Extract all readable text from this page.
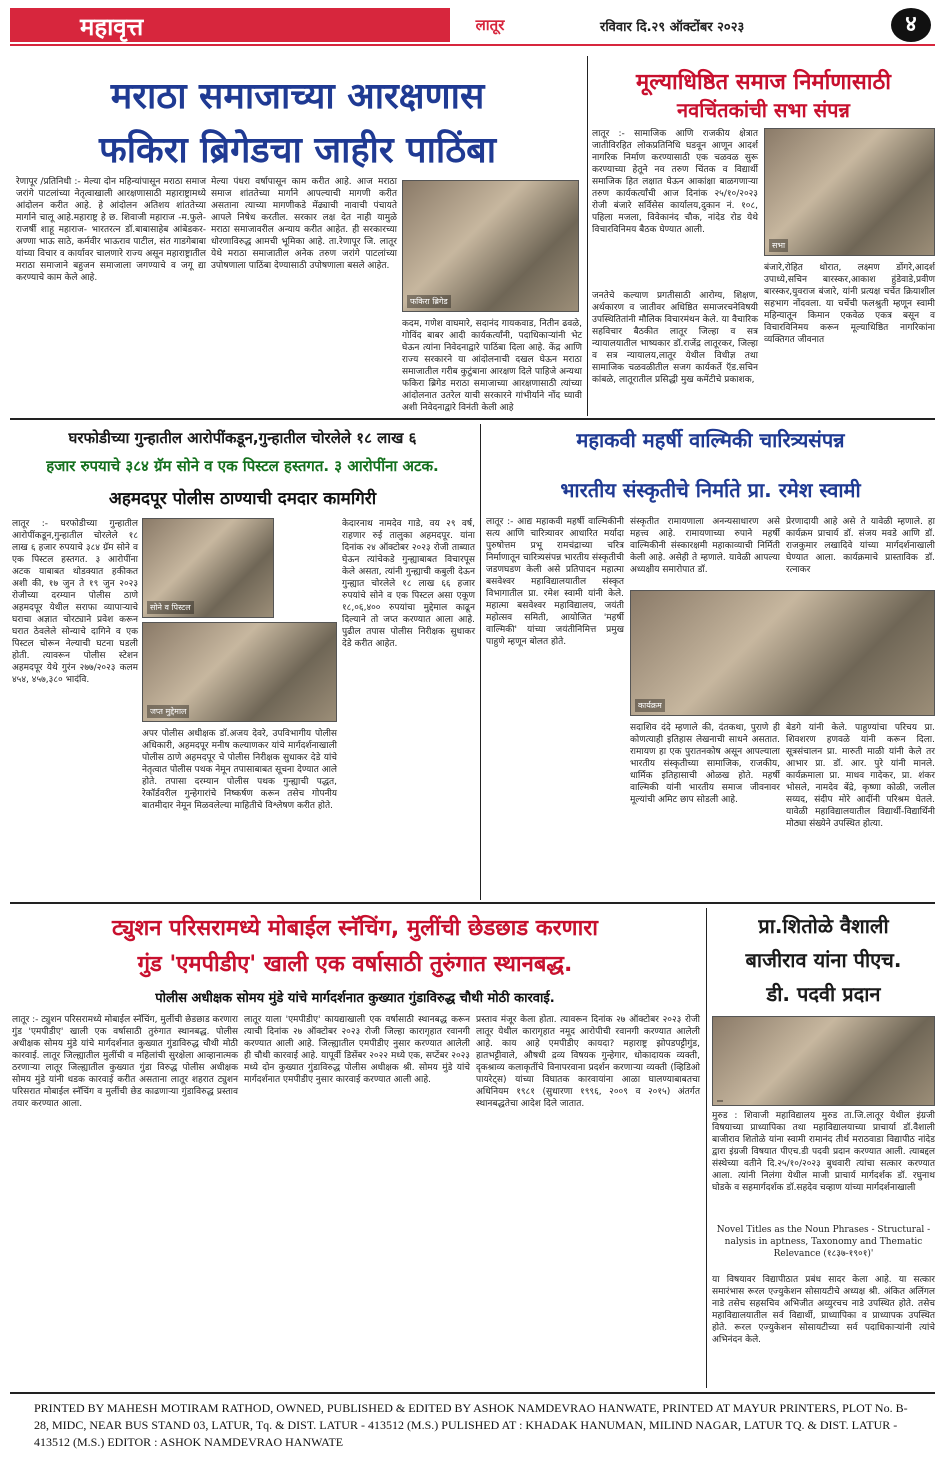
महावृत्त	लातूर	रविवार दि.२९ ऑक्टोंबर २०२३	४
मराठा समाजाच्या आरक्षणास
फकिरा ब्रिगेडचा जाहीर पाठिंबा
रेणापूर /प्रतिनिधी :- मेल्या दोन महिन्यांपासून मराठा समाज जरांगे पाटलांच्या नेतृत्वाखाली आरक्षणासाठी महाराष्ट्रामध्ये आंदोलन करीत आहे. हे आंदोलन अतिशय शांततेच्या मार्गाने चालू आहे.महाराष्ट्र हे छ. शिवाजी महाराज -म.फुले- राजर्षी शाहू महाराज- भारतरत्न डॉ.बाबासाहेब आंबेडकर- अण्णा भाऊ साठे, कर्मवीर भाऊराव पाटील, संत गाडगेबाबा यांच्या विचार व कार्यावर चालणारे राज्य असून महाराष्ट्रातील मराठा समाजाने बहुजन समाजाला जगण्याचे व जगू द्या करण्याचे काम केले आहे.
मेल्या पंधरा वर्षापासून काम करीत आहे. आज मराठा समाज शांततेच्या मार्गाने आपल्याची मागणी करीत असताना त्याच्या मागणीकडे मेंढ्याची नावाची पंचायते आपले निषेध करतील. सरकार लक्ष देत नाही यामुळे मराठा समाजावरील अन्याय करीत आहेत. ही सरकारच्या धोरणाविरुद्ध आमची भूमिका आहे. ता.रेणापूर जि. लातूर येथे मराठा समाजातील अनेक तरुण जरांगे पाटलांच्या उपोषणाला पाठिंबा देण्यासाठी उपोषणाला बसले आहेत.
फकिरा ब्रिगेड
कदम, गणेश वाघमारे, सदानंद गायकवाड, नितीन ढवळे, गोविंद बाबर आदी कार्यकर्त्यांनी, पदाधिकाऱ्यांनी भेट घेऊन त्यांना निवेदनाद्वारे पाठिंबा दिला आहे. केंद्र आणि राज्य सरकारने या आंदोलनाची दखल घेऊन मराठा समाजातील गरीब कुटुंबाना आरक्षण दिले पाहिजे अन्यथा फकिरा ब्रिगेड मराठा समाजाच्या आरक्षणासाठी त्यांच्या आंदोलनात उतरेल याची सरकारने गांभीर्याने नोंद घ्यावी अशी निवेदनाद्वारे विनंती केली आहे
मूल्याधिष्ठित समाज निर्माणासाठी
नवचिंतकांची सभा संपन्न
लातूर :- सामाजिक आणि राजकीय क्षेत्रात जातीविरहित लोकप्रतिनिधि घडवून आणून आदर्श नागरिक निर्माण करण्यासाठी एक चळवळ सुरू करण्याच्या हेतूने नव तरुण चिंतक व विद्यार्थी समाजिक हित लक्षात घेऊन आकांक्षा बाळगणाऱ्या तरुण कार्यकर्त्यांची आज दिनांक २५/१०/२०२३ रोजी बंजारे सर्विसेस कार्यालय,दुकान नं. १०८, पहिला मजला, विवेकानंद चौक, नांदेड रोड येथे विचारविनिमय बैठक घेण्यात आली.
जनतेचे कल्याण प्रगतीसाठी आरोग्य, शिक्षण, अर्थकारण व जातीवर अधिष्ठित समाजरचनेविषयी उपस्थितितांनी मौलिक विचारमंथन केले. या वैचारिक सहविचार बैठकीत लातूर जिल्हा व सत्र न्यायालयातील भाष्यकार डॉ.राजेंद्र लातूरकर, जिल्हा व सत्र न्यायालय,लातूर येथील विधीज्ञ तथा सामाजिक चळवळीतील सजग कार्यकर्ते ऍड.सचिन कांबळे, लातूरातील प्रसिद्धी मुख कमेंटीचे प्रकाशक,
सभा
बंजारे,रोहित थोरात, लक्ष्मण डोंगरे,आदर्श उपाध्ये,सचिन बारस्कर,आकाश हुंडेवाडे,प्रवीण बारस्कर,युवराज बंजारे, यांनी प्रत्यक्ष चर्चेत क्रियाशील सहभाग नोंदवला. या चर्चेची फलश्रुती म्हणून स्वामी महिन्यातून किमान एकवेळ एकत्र बसून व विचारविनिमय करून मूल्याधिष्ठित नागरिकांना व्यक्तिगत जीवनात
घरफोडीच्या गुन्हातील आरोपींकडून,गुन्हातील चोरलेले १८ लाख ६
हजार रुपयाचे ३८४ ग्रॅम सोने व एक पिस्टल हस्तगत. ३ आरोपींना अटक.
अहमदपूर पोलीस ठाण्याची दमदार कामगिरी
लातूर :- घरफोडीच्या गुन्हातील आरोपींकडून,गुन्हातील चोरलेले १८ लाख ६ हजार रुपयाचे ३८४ ग्रॅम सोने व एक पिस्टल हस्तगत. ३ आरोपींना अटक याबाबत थोडक्यात हकीकत अशी की, १७ जुन ते १९ जुन २०२३ रोजीच्या दरम्यान पोलीस ठाणे अहमदपूर येथील सराफा व्यापाऱ्याचे घराचा अज्ञात चोरट्याने प्रवेश करून घरात ठेवलेले सोन्याचे दागिने व एक पिस्टल चोरून नेल्याची घटना घडली होती. त्यावरून पोलीस स्टेशन अहमदपूर येथे गुरंन २७७/२०२३ कलम ४५४, ४५७,३८० भादंवि.
सोने व पिस्टल
जप्त मुद्देमाल
अपर पोलीस अधीक्षक डॉ.अजय देवरे, उपविभागीय पोलीस अधिकारी, अहमदपूर मनीष कल्याणकर यांचे मार्गदर्शनाखाली पोलीस ठाणे अहमदपूर चे पोलीस निरीक्षक सुधाकर देडे यांचे नेतृत्वात पोलीस पथक नेमून तपासाबाबत सूचना देण्यात आले होते. तपासा दरम्यान पोलीस पथक गुन्ह्याची पद्धत, रेकॉर्डवरील गुन्हेगारांचे निष्कर्षण करून तसेच गोपनीय बातमीदार नेमून मिळवलेल्या माहितीचे विश्लेषण करीत होते.
केदारनाथ नामदेव गाडे, वय २९ वर्ष, राहणार रुई तालुका अहमदपूर. यांना दिनांक २४ ऑक्टोबर २०२३ रोजी ताब्यात घेऊन त्यांचेकडे गुन्ह्याबाबत विचारपूस केले असता, त्यांनी गुन्ह्याची कबुली देऊन गुन्ह्यात चोरलेले १८ लाख ६६ हजार रुपयांचे सोने व एक पिस्टल असा एकूण १८,०६,४०० रुपयांचा मुद्देमाल काढून दिल्याने तो जप्त करण्यात आला आहे. पुढील तपास पोलीस निरीक्षक सुधाकर देडे करीत आहेत.
महाकवी महर्षी वाल्मिकी चारित्र्यसंपन्न
भारतीय संस्कृतीचे निर्माते प्रा. रमेश स्वामी
लातूर :- आद्य महाकवी महर्षी वाल्मिकीनी सत्य आणि चारित्र्यावर आधारित मर्यादा पुरुषोत्तम प्रभू रामचंद्राच्या चरित्र निर्माणातून चारित्र्यसंपन्न भारतीय संस्कृतीची जडणघडण केली असे प्रतिपादन महात्मा बसवेश्वर महाविद्यालयातील संस्कृत विभागातील प्रा. रमेश स्वामी यांनी केले. महात्मा बसवेश्वर महाविद्यालय, जयंती महोत्सव समिती, आयोजित 'महर्षी वाल्मिकी' यांच्या जयंतीनिमित्त प्रमुख पाहुणे म्हणून बोलत होते.
संस्कृतीत रामायणाला अनन्यसाधारण असे महत्त्व आहे. रामायणाच्या रुपाने महर्षी वाल्मिकीनी संस्कारक्षमी महाकाव्याची निर्मिती केली आहे. असेही ते म्हणाले. यावेळी आपल्या अध्यक्षीय समारोपात डॉ.
प्रेरणादायी आहे असे ते यावेळी म्हणाले. हा कार्यक्रम प्राचार्य डॉ. संजय मवडे आणि डॉ. राजकुमार लखादिवे यांच्या मार्गदर्शनाखाली घेण्यात आला. कार्यक्रमाचे प्रास्ताविक डॉ. रत्नाकर
कार्यक्रम
सदाशिव दंदे म्हणाले की, दंतकथा, पुराणे ही कोणत्याही इतिहास लेखनाची साधने असतात. रामायण हा एक पुरातनकोष असून आपल्याला भारतीय संस्कृतीच्या सामाजिक, राजकीय, धार्मिक इतिहासाची ओळख होते. महर्षी वाल्मिकी यांनी भारतीय समाज जीवनावर मूल्यांची अमिट छाप सोडली आहे.
बेडगे यांनी केले. पाहुण्यांचा परिचय प्रा. शिवशरण हणवळे यांनी करून दिला. सूत्रसंचालन प्रा. मारुती माळी यांनी केले तर आभार प्रा. डॉ. आर. पुरे यांनी मानले. कार्यक्रमाला प्रा. माधव गादेकर, प्रा. शंकर भोसले, नामदेव बेंद्रे, कृष्णा कोळी, जलील सय्यद, संदीप मोरे आदींनी परिश्रम घेतले. यावेळी महाविद्यालयातील विद्यार्थी-विद्यार्थिनी मोठ्या संख्येने उपस्थित होत्या.
ट्युशन परिसरामध्ये मोबाईल स्नॅचिंग, मुलींची छेडछाड करणारा
गुंड 'एमपीडीए' खाली एक वर्षासाठी तुरुंगात स्थानबद्ध.
पोलीस अधीक्षक सोमय मुंडे यांचे मार्गदर्शनात कुख्यात गुंडाविरुद्ध चौथी मोठी कारवाई.
लातूर :- ट्युशन परिसरामध्ये मोबाईल स्नॅचिंग, मुलींची छेडछाड करणारा गुंड 'एमपीडीए' खाली एक वर्षासाठी तुरुंगात स्थानबद्ध. पोलीस अधीक्षक सोमय मुंडे यांचे मार्गदर्शनात कुख्यात गुंडाविरुद्ध चौथी मोठी कारवाई. लातूर जिल्ह्यातील मुलींची व महिलांची सुरक्षेला आव्हानात्मक ठरणाऱ्या लातूर जिल्ह्यातील कुख्यात गुंडा विरुद्ध पोलीस अधीक्षक सोमय मुंडे यांनी धडक कारवाई करीत असताना लातूर शहरात ट्युशन परिसरात मोबाईल स्नॅचिंग व मुलींची छेड काढणाऱ्या गुंडाविरुद्ध प्रस्ताव तयार करण्यात आला.
लातूर याला 'एमपीडीए' कायद्याखाली एक वर्षासाठी स्थानबद्ध करून त्याची दिनांक २७ ऑक्टोबर २०२३ रोजी जिल्हा कारागृहात रवानगी करण्यात आली आहे. जिल्ह्यातील एमपीडीए नुसार करण्यात आलेली ही चौथी कारवाई आहे. यापूर्वी डिसेंबर २०२२ मध्ये एक, सप्टेंबर २०२३ मध्ये दोन कुख्यात गुंडाविरुद्ध पोलीस अधीक्षक श्री. सोमय मुंडे यांचे मार्गदर्शनात एमपीडीए नुसार कारवाई करण्यात आली आहे.
प्रस्ताव मंजूर केला होता. त्यावरून दिनांक २७ ऑक्टोबर २०२३ रोजी लातूर येथील कारागृहात नमूद आरोपीची रवानगी करण्यात आलेली आहे. काय आहे एमपीडीए कायदा? महाराष्ट्र झोपडपट्टीगुंड, हातभट्टीवाले, औषधी द्रव्य विषयक गुन्हेगार, धोकादायक व्यक्ती, दृकश्राव्य कलाकृतींचे विनापरवाना प्रदर्शन करणाऱ्या व्यक्ती (व्हिडिओ पायरेट्स) यांच्या विघातक कारवायांना आळा घालण्याबाबतचा अधिनियम १९८१ (सुधारणा १९९६, २००९ व २०१५) अंतर्गत स्थानबद्धतेचा आदेश दिले जातात.
प्रा.शितोळे वैशाली
बाजीराव यांना पीएच.
डी. पदवी प्रदान
मुरुड : शिवाजी महाविद्यालय मुरुड ता.जि.लातूर येथील इंग्रजी विषयाच्या प्राध्यापिका तथा महाविद्यालयाच्या प्राचार्या डॉ.वैशाली बाजीराव शितोळे यांना स्वामी रामानंद तीर्थ मराठवाडा विद्यापीठ नांदेड द्वारा इंग्रजी विषयात पीएच.डी पदवी प्रदान करण्यात आली. त्याबद्दल संस्थेच्या वतीने दि.२५/१०/२०२३ बुधवारी त्यांचा सत्कार करण्यात आला. त्यांनी निलंगा येथील माजी प्राचार्य मार्गदर्शक डॉ. रघुनाथ घोडके व सहमार्गदर्शक डॉ.सहदेव चव्हाण यांच्या मार्गदर्शनाखाली
Novel Titles as the Noun Phrases - Structural -nalysis in aptness, Taxonomy and Thematic Relevance (१८३७-१९०१)'
या विषयावर विद्यापीठात प्रबंध सादर केला आहे. या सत्कार समारंभास रूरल एज्युकेशन सोसायटीचे अध्यक्ष श्री. अंकित अलिंगल नाडे तसेच सहसचिव अभिजीत अय्युरचच नाडे उपस्थित होते. तसेच महाविद्यालयातील सर्व विद्यार्थी, प्राध्यापिका व प्राध्यापक उपस्थित होते. रूरल एज्युकेशन सोसायटीच्या सर्व पदाधिकाऱ्यांनी त्यांचे अभिनंदन केले.
PRINTED BY MAHESH MOTIRAM RATHOD, OWNED, PUBLISHED & EDITED BY ASHOK NAMDEVRAO HANWATE, PRINTED AT MAYUR PRINTERS, PLOT No. B-28, MIDC, NEAR BUS STAND 03, LATUR, Tq. & DIST. LATUR - 413512 (M.S.) PULISHED AT : KHADAK HANUMAN, MILIND NAGAR, LATUR TQ. & DIST. LATUR - 413512 (M.S.) EDITOR : ASHOK NAMDEVRAO HANWATE
